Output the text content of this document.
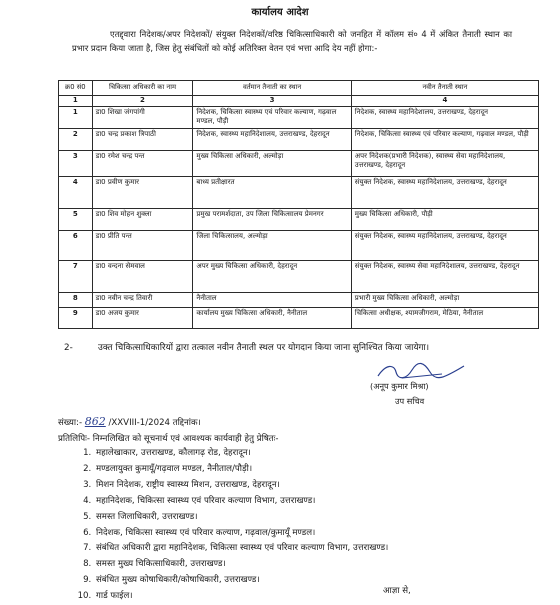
कार्यालय आदेश
एतद्द्वारा निदेशक/अपर निदेशकों/ संयुक्त निदेशकों/वरिष्ठ चिकित्साधिकारी को जनहित में कॉलम सं० 4 में अंकित तैनाती स्थान का प्रभार प्रदान किया जाता है, जिस हेतु संबंधितों को कोई अतिरिक्त वेतन एवं भत्ता आदि देय नहीं होगा:-
क्र0 सं0	चिकित्सा अधिकारी का नाम	वर्तमान तैनाती का स्थान	नवीन तैनाती स्थान
1	2	3	4
1	डा0 शिखा जंगपांगी	निदेशक, चिकित्सा स्वास्थ्य एवं परिवार कल्याण, गढ़वाल मण्डल, पौड़ी	निदेशक, स्वास्थ्य महानिदेशालय, उत्तराखण्ड, देहरादून
2	डा0 चन्द्र प्रकाश त्रिपाठी	निदेशक, स्वास्थ्य महानिदेशालय, उत्तराखण्ड, देहरादून	निदेशक, चिकित्सा स्वास्थ्य एवं परिवार कल्याण, गढ़वाल मण्डल, पौड़ी
3	डा0 रमेश चन्द्र पन्त	मुख्य चिकित्सा अधिकारी, अल्मोड़ा	अपर निदेशक(प्रभारी निदेशक), स्वास्थ्य सेवा महानिदेशालय, उत्तराखण्ड, देहरादून
4	डा0 प्रवीण कुमार	बाध्य प्रतीक्षारत	संयुक्त निदेशक, स्वास्थ्य महानिदेशालय, उत्तराखण्ड, देहरादून
5	डा0 शिव मोहन शुक्ला	प्रमुख परामर्शदाता, उप जिला चिकित्सालय प्रेमनगर	मुख्य चिकित्सा अधिकारी, पौड़ी
6	डा0 प्रीति पन्त	जिला चिकित्सालय, अल्मोड़ा	संयुक्त निदेशक, स्वास्थ्य महानिदेशालय, उत्तराखण्ड, देहरादून
7	डा0 वन्दना सेमवाल	अपर मुख्य चिकित्सा अधिकारी, देहरादून	संयुक्त निदेशक, स्वास्थ्य सेवा महानिदेशालय, उत्तराखण्ड, देहरादून
8	डा0 नवीन चन्द्र तिवारी	नैनीताल	प्रभारी मुख्य चिकित्सा अधिकारी, अल्मोड़ा
9	डा0 अजय कुमार	कार्यालय मुख्य चिकित्सा अधिकारी, नैनीताल	चिकित्सा अधीक्षक, श्यामजीगराम, मेठिया, नैनीताल
2-	उक्त चिकित्साधिकारियों द्वारा तत्काल नवीन तैनाती स्थल पर योगदान किया जाना सुनिश्चित किया जायेगा।
(अनूप कुमार मिश्रा)
उप सचिव
संख्या:- 862 /XXVIII-1/2024 तद्दिनांक।
प्रतिलिपिः- निम्नलिखित को सूचनार्थ एवं आवश्यक कार्यवाही हेतु प्रेषितः-
1. महालेखाकार, उत्तराखण्ड, कौलागढ़ रोड, देहरादून।
2. मण्डलायुक्त कुमायूँ/गढ़वाल मण्डल, नैनीताल/पौड़ी।
3. मिशन निदेशक, राष्ट्रीय स्वास्थ्य मिशन, उत्तराखण्ड, देहरादून।
4. महानिदेशक, चिकित्सा स्वास्थ्य एवं परिवार कल्याण विभाग, उत्तराखण्ड।
5. समस्त जिलाधिकारी, उत्तराखण्ड।
6. निदेशक, चिकित्सा स्वास्थ्य एवं परिवार कल्याण, गढ़वाल/कुमायूँ मण्डल।
7. संबंधित अधिकारी द्वारा महानिदेशक, चिकित्सा स्वास्थ्य एवं परिवार कल्याण विभाग, उत्तराखण्ड।
8. समस्त मुख्य चिकित्साधिकारी, उत्तराखण्ड।
9. संबंधित मुख्य कोषाधिकारी/कोषाधिकारी, उत्तराखण्ड।
10. गार्ड फाईल।
आज्ञा से,
